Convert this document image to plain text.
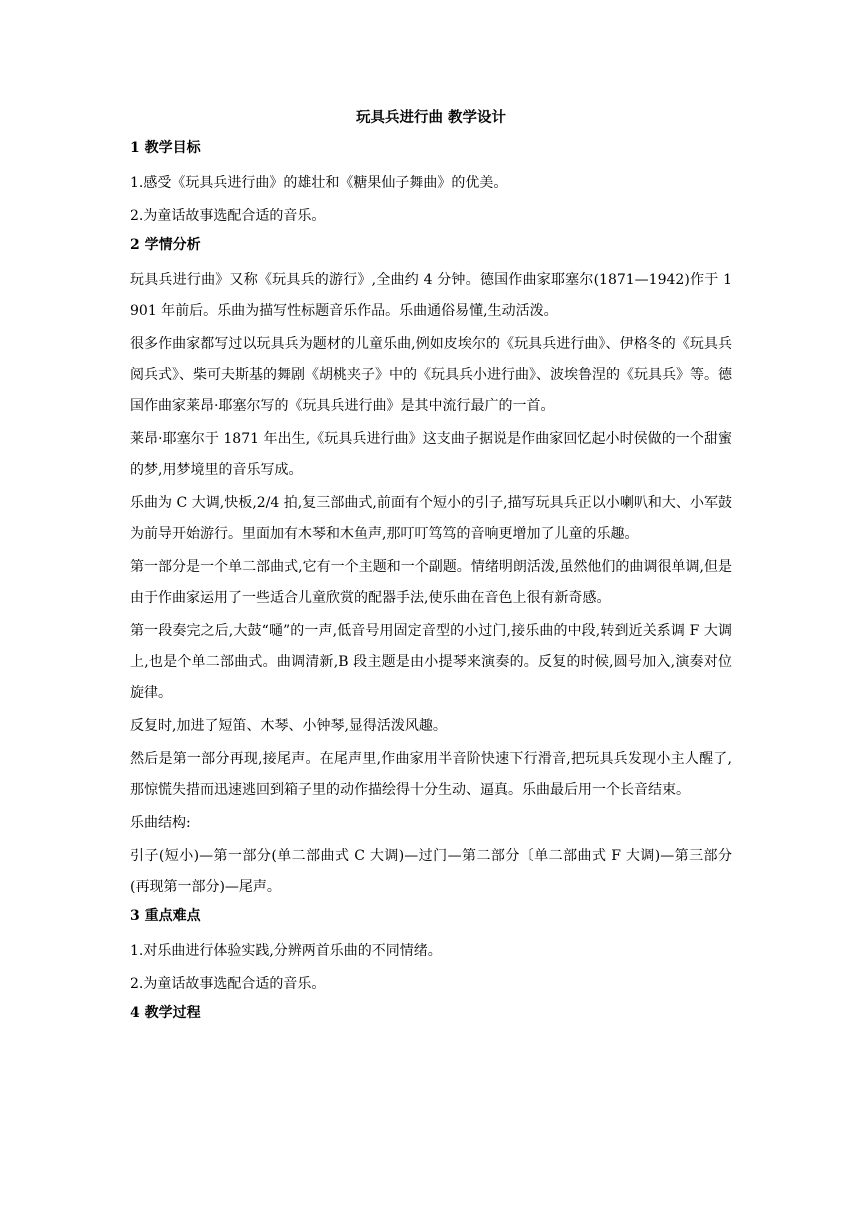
玩具兵进行曲 教学设计
1 教学目标

1.感受《玩具兵进行曲》的雄壮和《糖果仙子舞曲》的优美。

2.为童话故事选配合适的音乐。

2 学情分析

玩具兵进行曲》又称《玩具兵的游行》,全曲约 4 分钟。德国作曲家耶塞尔(1871—1942)作于 1901 年前后。乐曲为描写性标题音乐作品。乐曲通俗易懂,生动活泼。

很多作曲家都写过以玩具兵为题材的儿童乐曲,例如皮埃尔的《玩具兵进行曲》、伊格冬的《玩具兵阅兵式》、柴可夫斯基的舞剧《胡桃夹子》中的《玩具兵小进行曲》、波埃鲁涅的《玩具兵》等。德国作曲家莱昂·耶塞尔写的《玩具兵进行曲》是其中流行最广的一首。

莱昂·耶塞尔于 1871 年出生,《玩具兵进行曲》这支曲子据说是作曲家回忆起小时侯做的一个甜蜜的梦,用梦境里的音乐写成。

乐曲为 C 大调,快板,2/4 拍,复三部曲式,前面有个短小的引子,描写玩具兵正以小喇叭和大、小军鼓为前导开始游行。里面加有木琴和木鱼声,那叮叮笃笃的音响更增加了儿童的乐趣。

第一部分是一个单二部曲式,它有一个主题和一个副题。情绪明朗活泼,虽然他们的曲调很单调,但是由于作曲家运用了一些适合儿童欣赏的配器手法,使乐曲在音色上很有新奇感。

第一段奏完之后,大鼓“嗵”的一声,低音号用固定音型的小过门,接乐曲的中段,转到近关系调 F 大调上,也是个单二部曲式。曲调清新,B 段主题是由小提琴来演奏的。反复的时候,圆号加入,演奏对位旋律。

反复时,加进了短笛、木琴、小钟琴,显得活泼风趣。

然后是第一部分再现,接尾声。在尾声里,作曲家用半音阶快速下行滑音,把玩具兵发现小主人醒了,那惊慌失措而迅速逃回到箱子里的动作描绘得十分生动、逼真。乐曲最后用一个长音结束。

乐曲结构:

引子(短小)—第一部分(单二部曲式 C 大调)—过门—第二部分〔单二部曲式 F 大调)—第三部分(再现第一部分)—尾声。

3 重点难点

1.对乐曲进行体验实践,分辨两首乐曲的不同情绪。

2.为童话故事选配合适的音乐。

4 教学过程
